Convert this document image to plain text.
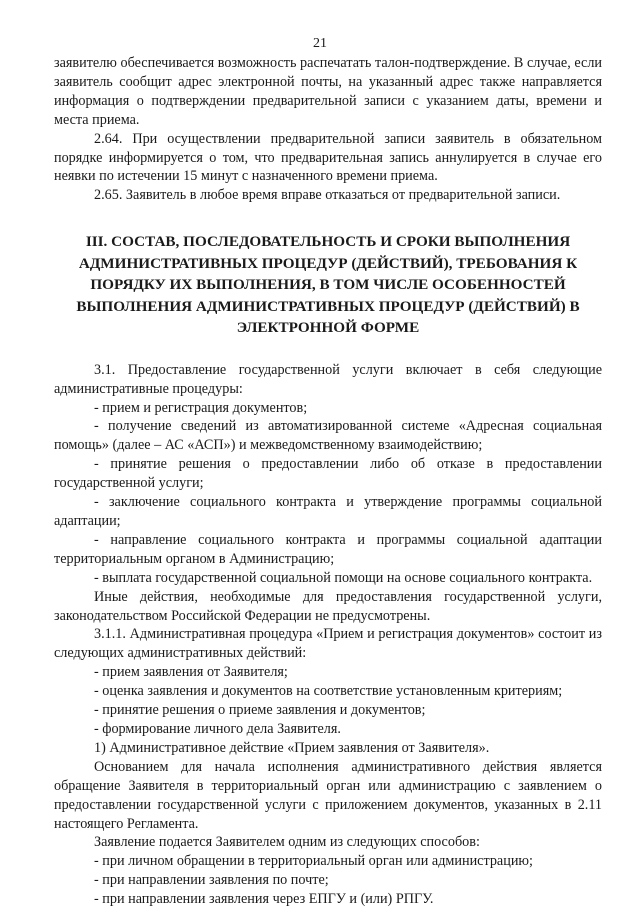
21

заявителю обеспечивается возможность распечатать талон-подтверждение. В случае, если заявитель сообщит адрес электронной почты, на указанный адрес также направляется информация о подтверждении предварительной записи с указанием даты, времени и места приема.

2.64. При осуществлении предварительной записи заявитель в обязательном порядке информируется о том, что предварительная запись аннулируется в случае его неявки по истечении 15 минут с назначенного времени приема.

2.65. Заявитель в любое время вправе отказаться от предварительной записи.

III. СОСТАВ, ПОСЛЕДОВАТЕЛЬНОСТЬ И СРОКИ ВЫПОЛНЕНИЯ АДМИНИСТРАТИВНЫХ ПРОЦЕДУР (ДЕЙСТВИЙ), ТРЕБОВАНИЯ К ПОРЯДКУ ИХ ВЫПОЛНЕНИЯ, В ТОМ ЧИСЛЕ ОСОБЕННОСТЕЙ ВЫПОЛНЕНИЯ АДМИНИСТРАТИВНЫХ ПРОЦЕДУР (ДЕЙСТВИЙ) В ЭЛЕКТРОННОЙ ФОРМЕ

3.1. Предоставление государственной услуги включает в себя следующие административные процедуры:

- прием и регистрация документов;

- получение сведений из автоматизированной системе «Адресная социальная помощь» (далее – АС «АСП») и межведомственному взаимодействию;

- принятие решения о предоставлении либо об отказе в предоставлении государственной услуги;

- заключение социального контракта и утверждение программы социальной адаптации;

- направление социального контракта и программы социальной адаптации территориальным органом в Администрацию;

- выплата государственной социальной помощи на основе социального контракта.

Иные действия, необходимые для предоставления государственной услуги, законодательством Российской Федерации не предусмотрены.

3.1.1. Административная процедура «Прием и регистрация документов» состоит из следующих административных действий:

- прием заявления от Заявителя;

- оценка заявления и документов на соответствие установленным критериям;

- принятие решения о приеме заявления и документов;

- формирование личного дела Заявителя.

1) Административное действие «Прием заявления от Заявителя».

Основанием для начала исполнения административного действия является обращение Заявителя в территориальный орган или администрацию с заявлением о предоставлении государственной услуги с приложением документов, указанных в 2.11 настоящего Регламента.

Заявление подается Заявителем одним из следующих способов:

- при личном обращении в территориальный орган или администрацию;

- при направлении заявления по почте;

- при направлении заявления через ЕПГУ и (или) РПГУ.
